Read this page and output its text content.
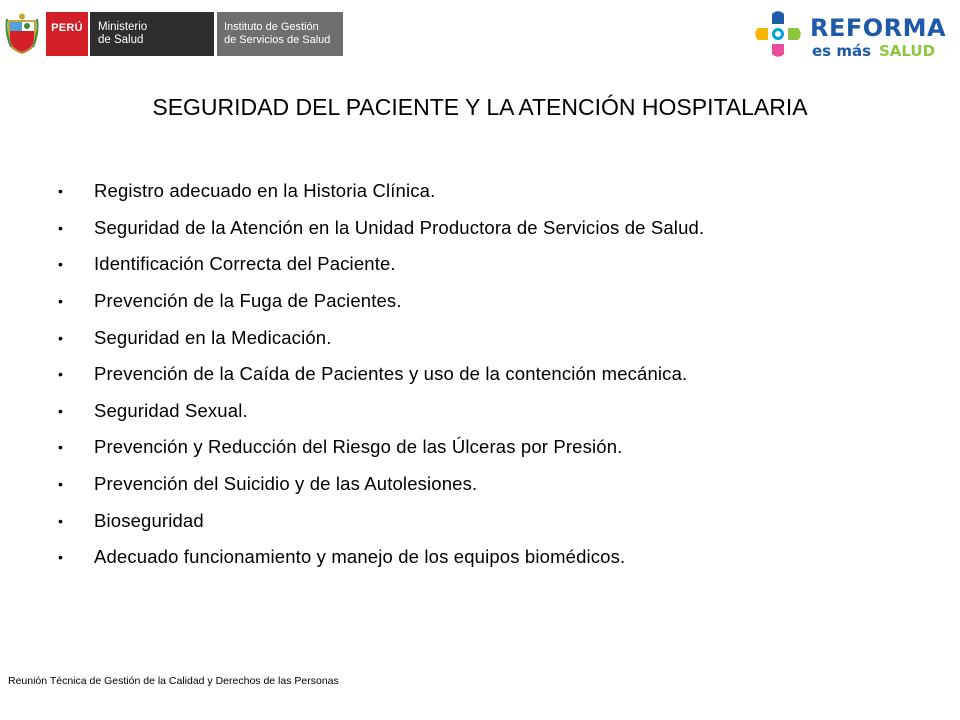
PERÚ Ministerio
de Salud
Instituto de Gestión
de Servicios de Salud	REFORMA
es más SALUD
SEGURIDAD DEL PACIENTE Y LA ATENCIÓN HOSPITALARIA
•	Registro adecuado en la Historia Clínica.
•	Seguridad de la Atención en la Unidad Productora de Servicios de Salud.
•	Identificación Correcta del Paciente.
•	Prevención de la Fuga de Pacientes.
•	Seguridad en la Medicación.
•	Prevención de la Caída de Pacientes y uso de la contención mecánica.
•	Seguridad Sexual.
•	Prevención y Reducción del Riesgo de las Úlceras por Presión.
•	Prevención del Suicidio y de las Autolesiones.
•	Bioseguridad
•	Adecuado funcionamiento y manejo de los equipos biomédicos.
Reunión Técnica de Gestión de la Calidad y Derechos de las Personas
